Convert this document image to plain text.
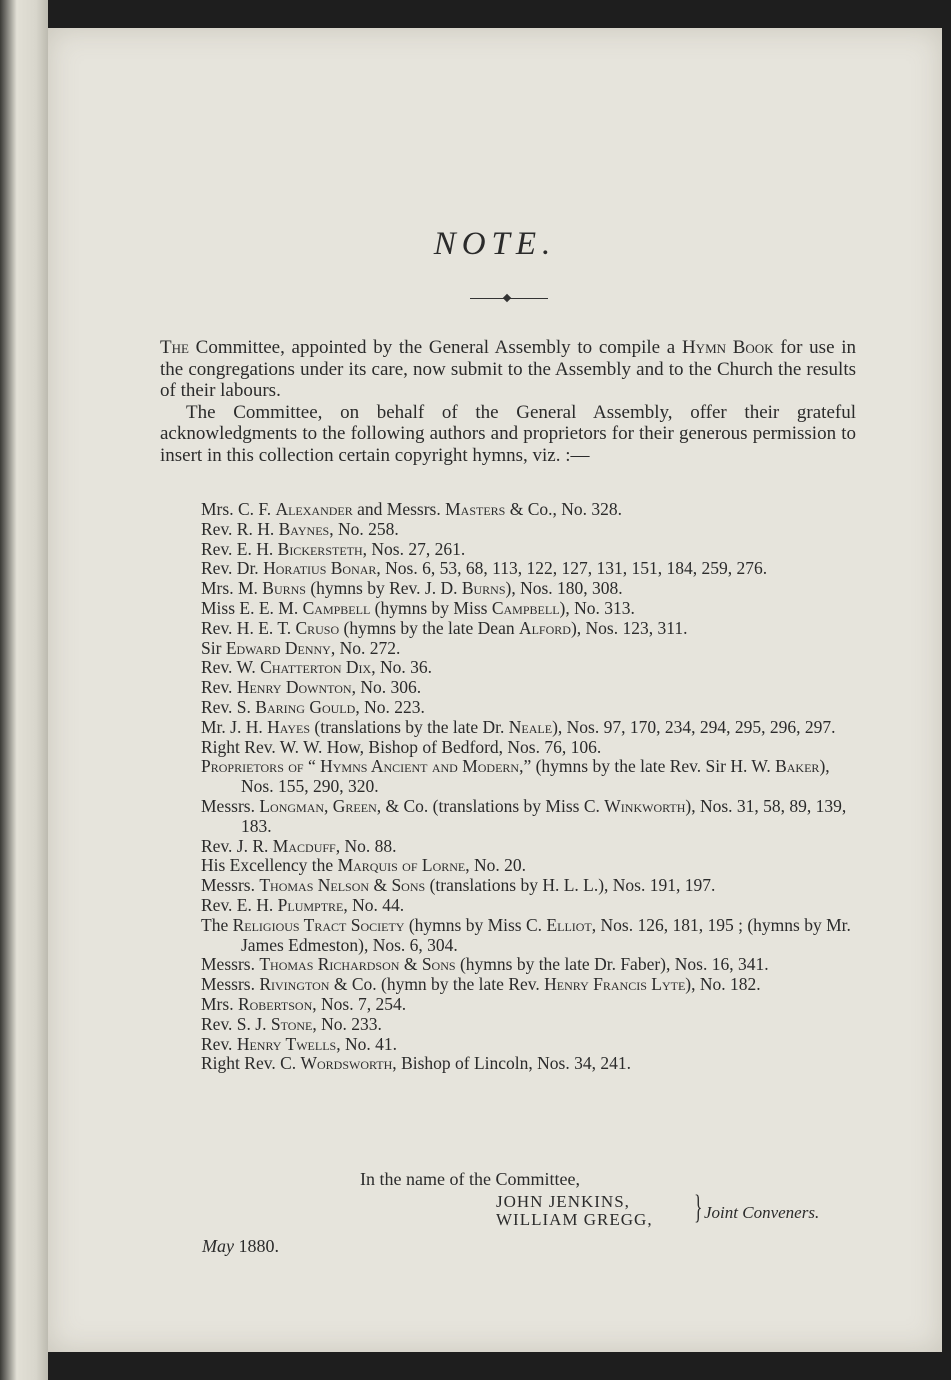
NOTE.

The Committee, appointed by the General Assembly to compile a Hymn Book for use in the congregations under its care, now submit to the Assembly and to the Church the results of their labours.

The Committee, on behalf of the General Assembly, offer their grateful acknowledgments to the following authors and proprietors for their generous permission to insert in this collection certain copyright hymns, viz. :—

Mrs. C. F. Alexander and Messrs. Masters & Co., No. 328.
Rev. R. H. Baynes, No. 258.
Rev. E. H. Bickersteth, Nos. 27, 261.
Rev. Dr. Horatius Bonar, Nos. 6, 53, 68, 113, 122, 127, 131, 151, 184, 259, 276.
Mrs. M. Burns (hymns by Rev. J. D. Burns), Nos. 180, 308.
Miss E. E. M. Campbell (hymns by Miss Campbell), No. 313.
Rev. H. E. T. Cruso (hymns by the late Dean Alford), Nos. 123, 311.
Sir Edward Denny, No. 272.
Rev. W. Chatterton Dix, No. 36.
Rev. Henry Downton, No. 306.
Rev. S. Baring Gould, No. 223.
Mr. J. H. Hayes (translations by the late Dr. Neale), Nos. 97, 170, 234, 294, 295, 296, 297.
Right Rev. W. W. How, Bishop of Bedford, Nos. 76, 106.
Proprietors of “ Hymns Ancient and Modern,” (hymns by the late Rev. Sir H. W. Baker), Nos. 155, 290, 320.
Messrs. Longman, Green, & Co. (translations by Miss C. Winkworth), Nos. 31, 58, 89, 139, 183.
Rev. J. R. Macduff, No. 88.
His Excellency the Marquis of Lorne, No. 20.
Messrs. Thomas Nelson & Sons (translations by H. L. L.), Nos. 191, 197.
Rev. E. H. Plumptre, No. 44.
The Religious Tract Society (hymns by Miss C. Elliot, Nos. 126, 181, 195 ; (hymns by Mr. James Edmeston), Nos. 6, 304.
Messrs. Thomas Richardson & Sons (hymns by the late Dr. Faber), Nos. 16, 341.
Messrs. Rivington & Co. (hymn by the late Rev. Henry Francis Lyte), No. 182.
Mrs. Robertson, Nos. 7, 254.
Rev. S. J. Stone, No. 233.
Rev. Henry Twells, No. 41.
Right Rev. C. Wordsworth, Bishop of Lincoln, Nos. 34, 241.
In the name of the Committee,
JOHN JENKINS,
WILLIAM GREGG, } Joint Conveners.
May 1880.
